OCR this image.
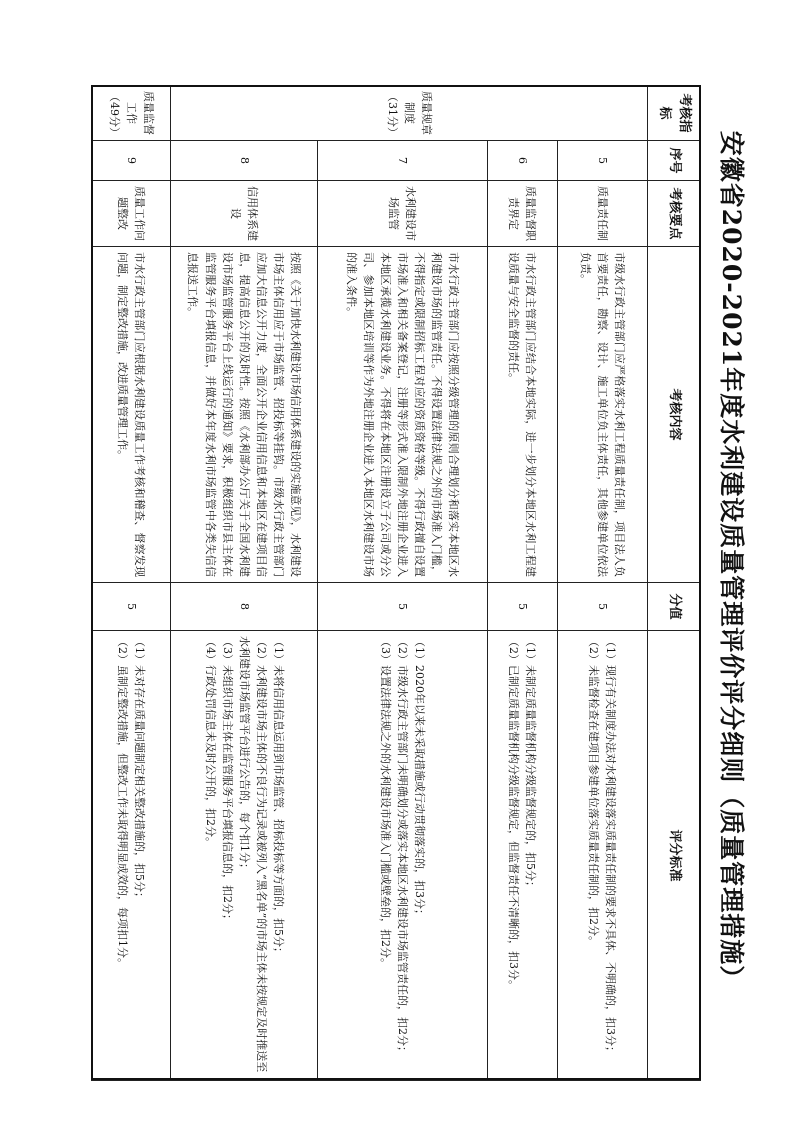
安徽省2020-2021年度水利建设质量管理评价评分细则（质量管理措施）
考核指标	序号	考核要点	考核内容	分值	评分标准
质量规章制度（31分）	5	质量责任制	市级水行政主管部门应严格落实水利工程质量责任制，项目法人负首要责任，勘察、设计、施工单位负主体责任，其他参建单位依法负责。	5	（1）现行有关制度办法对水利建设落实质量责任制的要求不具体、不明确的，扣3分；
（2）未监督检查在建项目参建单位落实质量责任制的，扣2分。

	6	质量监督职责界定	市水行政主管部门应结合本地实际，进一步划分本地区水利工程建设质量与安全监督的责任。	5	（1）未制定质量监督机构分级监督规定的，扣5分；
（2）已制定质量监督机构分级监督规定，但监督责任不清晰的，扣3分。

	7	水利建设市场监管	市水行政主管部门应按照分级管理的原则合理划分和落实本地区水利建设市场的监管责任。不得设置法律法规之外的市场准入门槛，不得指定或限制招标工程对应的资质资格等级。不得行政擅自设置市场准入和相关备案登记，注册等形式准入限制外地注册企业进入本地区承揽水利建设业务。不得将在本地区注册设立子公司或分公司、参加本地区培训等作为外地注册企业进入本地区水利建设市场的准入条件。	5	（1）2020年以来未采取措施或行动贯彻落实的，扣3分；
（2）市级水行政主管部门未明确划分或落实本地区水利建设市场监管责任的，扣2分；
（3）设置法律法规之外的水利建设市场准入门槛或壁垒的，扣2分。

	8	信用体系建设	按照《关于加快水利建设市场信用体系建设的实施意见》，水利建设市场主体信用应于市场监管、招投标等挂钩。市级水行政主管部门应加大信息公开力度，全面公开企业信用信息和本地区在建项目信息，提高信息公开的及时性。按照《水利部办公厅关于全国水利建设市场监管服务平台上线运行的通知》要求，积极组织市县主体在监管服务平台填报信息，并做好本年度水利市场监管中各类失信信息报送工作。	8	（1）未将信用信息运用到市场监管、招标投标等方面的，扣5分；
（2）水利建设市场主体的不良行为记录或被列入“黑名单”的市场主体未按规定及时推送至水利建设市场监管平台进行公告的，每个扣1分；
（3）未组织市场主体在监管服务平台填报信息的，扣2分；
（4）行政处罚信息未及时公开的，扣2分。

质量监督工作（49分）	9	质量工作问题整改	市水行政主管部门应根据水利建设质量工作考核和稽查、督察发现问题，制定整改措施，改进质量管理工作。	5	（1）未对存在质量问题制定相关整改措施的，扣5分；
（2）虽制定整改措施，但整改工作未取得明显成效的，每项扣1分。
